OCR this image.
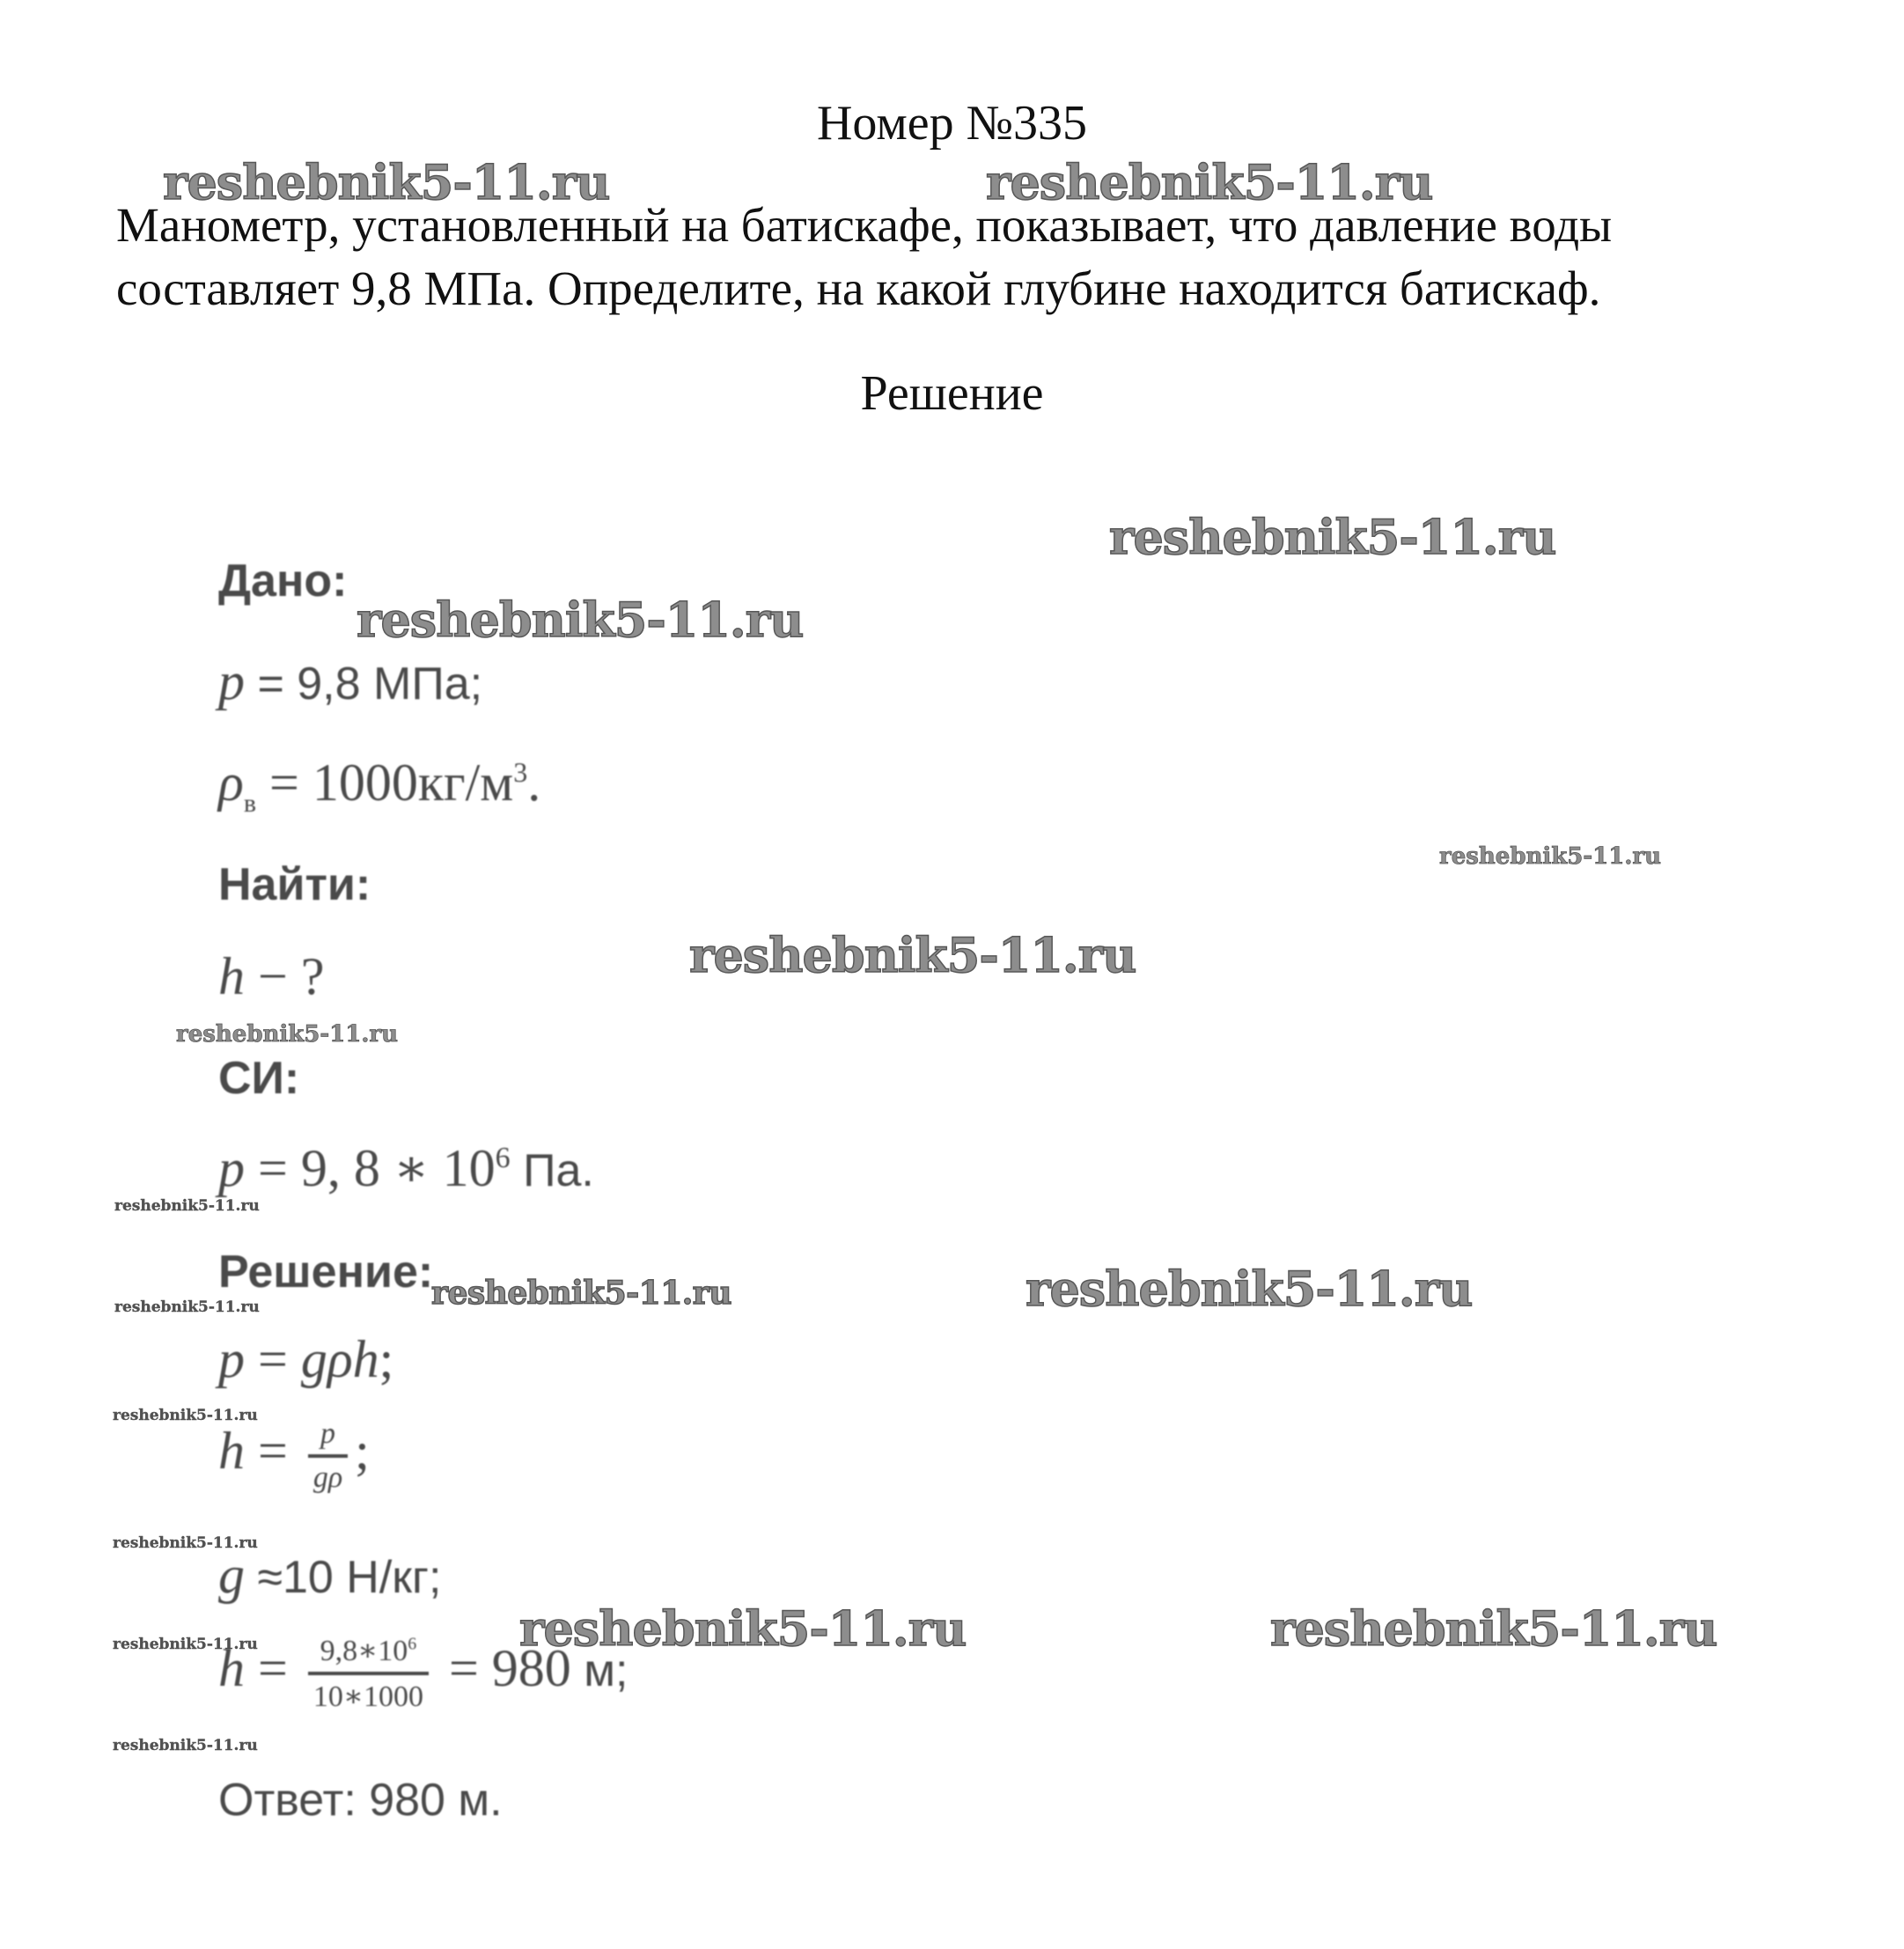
Номер №335
Манометр, установленный на батискафе, показывает, что давление воды
составляет 9,8 МПа. Определите, на какой глубине находится батискаф.
Решение
Дано:
p = 9,8 МПа;
$\rho_в = 1000кг/м^3$.
Найти:
h − ?
СИ:
p = 9, 8 ∗ $10^6$ Па.
Решение:
p = gρh;
$h = \frac{p}{g\rho}$ ;
g ≈10 Н/кг;
$h = \frac{9,8∗10^6}{10∗1000} = 980$ м;
Ответ: 980 м.
reshebnik5-11.ru	reshebnik5-11.ru
reshebnik5-11.ru
reshebnik5-11.ru
reshebnik5-11.ru
reshebnik5-11.ru
reshebnik5-11.ru
reshebnik5-11.ru
reshebnik5-11.ru
reshebnik5-11.ru
reshebnik5-11.ru
reshebnik5-11.ru
reshebnik5-11.ru
reshebnik5-11.ru	reshebnik5-11.ru
reshebnik5-11.ru
reshebnik5-11.ru
